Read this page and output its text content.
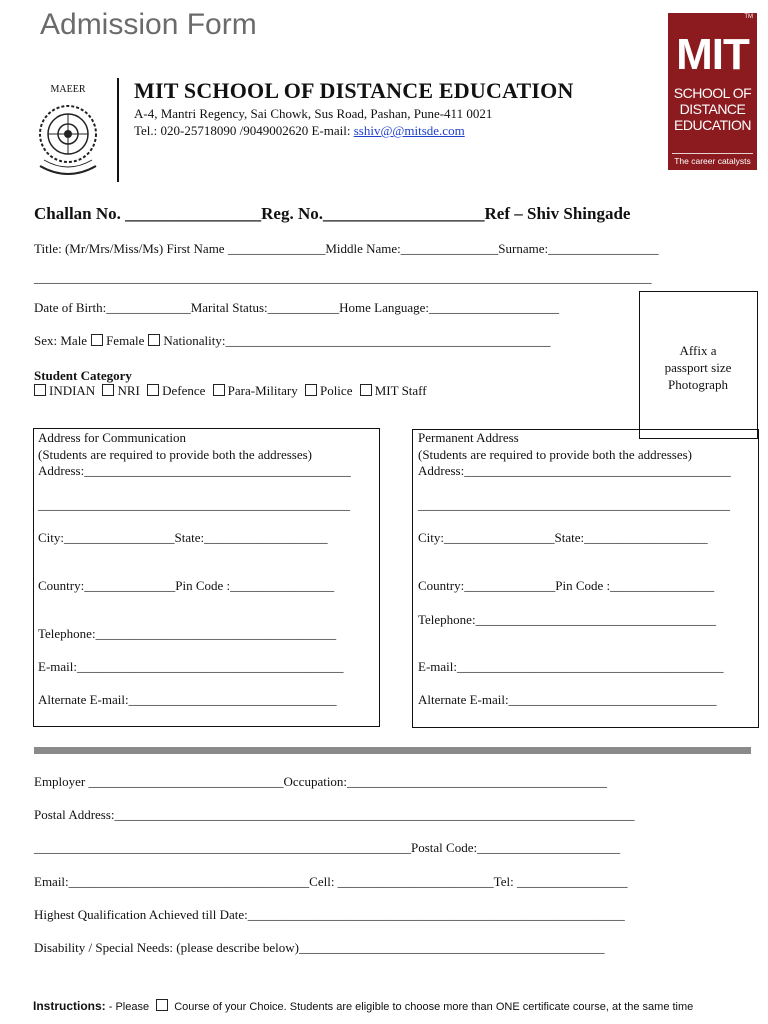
Admission Form
MAEER	MIT SCHOOL OF DISTANCE EDUCATION
A-4, Mantri Regency, Sai Chowk, Sus Road, Pashan, Pune-411 0021
Tel.: 020-25718090 /9049002620 E-mail: sshiv@@mitsde.com
TM
MIT
SCHOOL OF
DISTANCE
EDUCATION
The career catalysts
Challan No. ________________Reg. No.___________________Ref – Shiv Shingade
Title: (Mr/Mrs/Miss/Ms) First Name _______________Middle Name:_______________Surname:_________________
_______________________________________________________________________________________________
Date of Birth:_____________Marital Status:___________Home Language:____________________
Sex: Male Female Nationality:__________________________________________________
Student Category
INDIAN NRI Defence Para-Military Police MIT Staff
Affix a
passport size
Photograph
Address for Communication
(Students are required to provide both the addresses)
Address:_________________________________________
________________________________________________
City:_________________State:___________________
Country:______________Pin Code :________________
Telephone:_____________________________________
E-mail:_________________________________________
Alternate E-mail:________________________________
Permanent Address
(Students are required to provide both the addresses)
Address:_________________________________________
________________________________________________
City:_________________State:___________________
Country:______________Pin Code :________________
Telephone:_____________________________________
E-mail:_________________________________________
Alternate E-mail:________________________________
Employer ______________________________Occupation:________________________________________
Postal Address:________________________________________________________________________________
__________________________________________________________Postal Code:______________________
Email:_____________________________________Cell: ________________________Tel: _________________
Highest Qualification Achieved till Date:__________________________________________________________
Disability / Special Needs: (please describe below)_______________________________________________
Instructions: - Please  Course of your Choice. Students are eligible to choose more than ONE certificate course, at the same time
